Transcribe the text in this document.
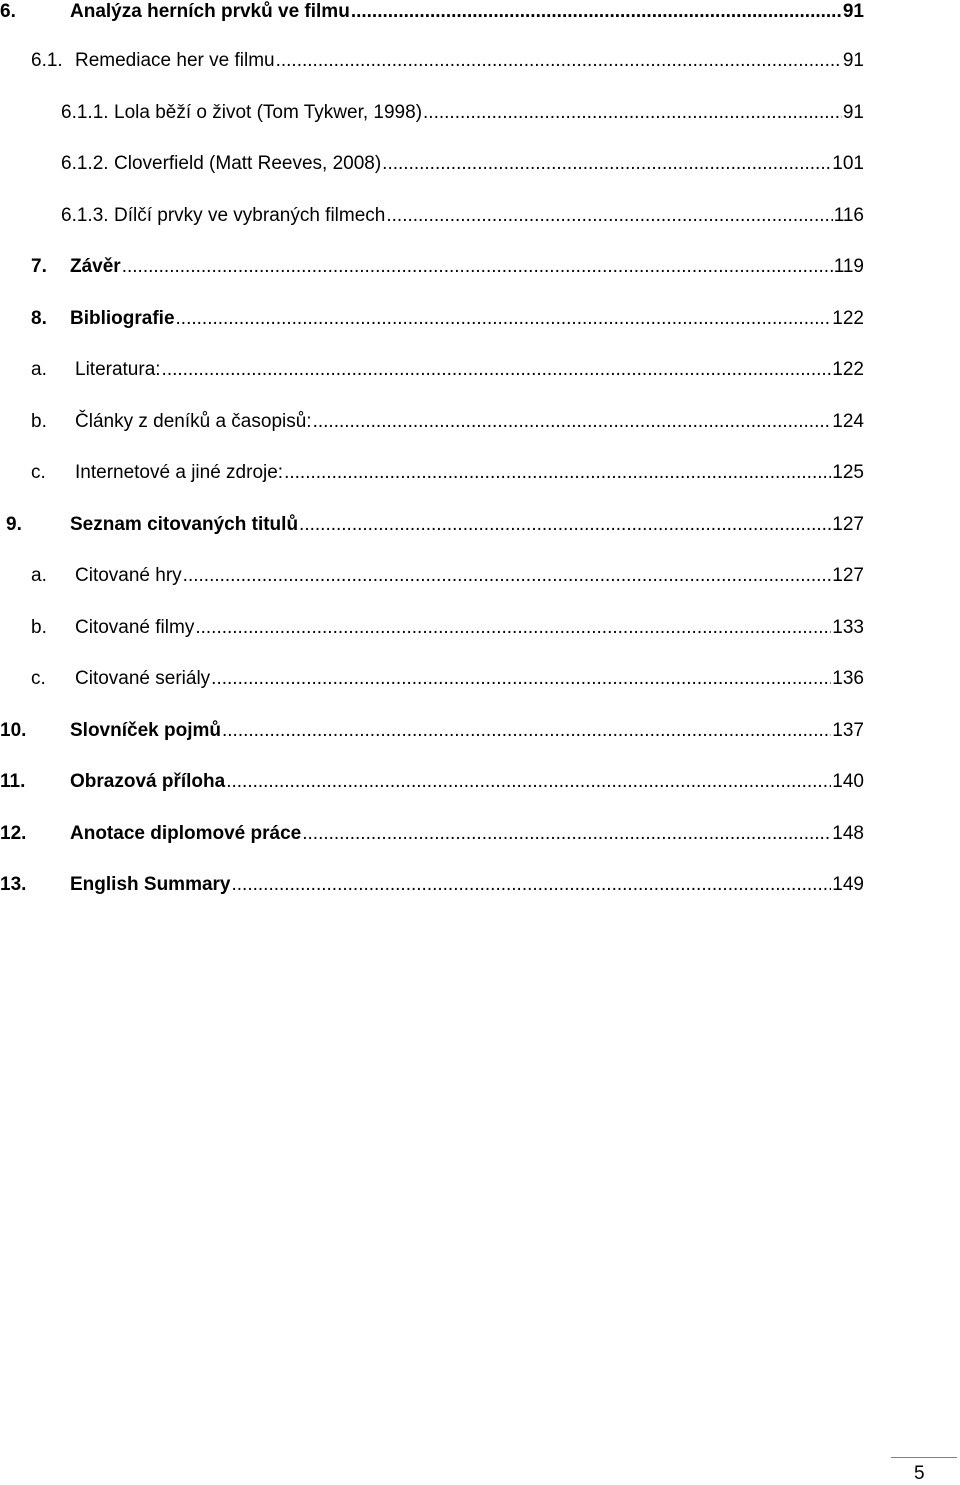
6.	Analýza herních prvků ve filmu .....	91
6.1. Remediace her ve filmu .....	91
6.1.1. Lola běží o život (Tom Tykwer, 1998) .....	91
6.1.2. Cloverfield (Matt Reeves, 2008) .....	101
6.1.3. Dílčí prvky ve vybraných filmech .....	116
7. Závěr .....	119
8. Bibliografie .....	122
a. Literatura: .....	122
b. Články z deníků a časopisů: .....	124
c. Internetové a jiné zdroje: .....	125
9.	Seznam citovaných titulů .....	127
a. Citované hry .....	127
b. Citované filmy .....	133
c. Citované seriály .....	136
10. Slovníček pojmů .....	137
11. Obrazová příloha .....	140
12. Anotace diplomové práce .....	148
13. English Summary .....	149
5
